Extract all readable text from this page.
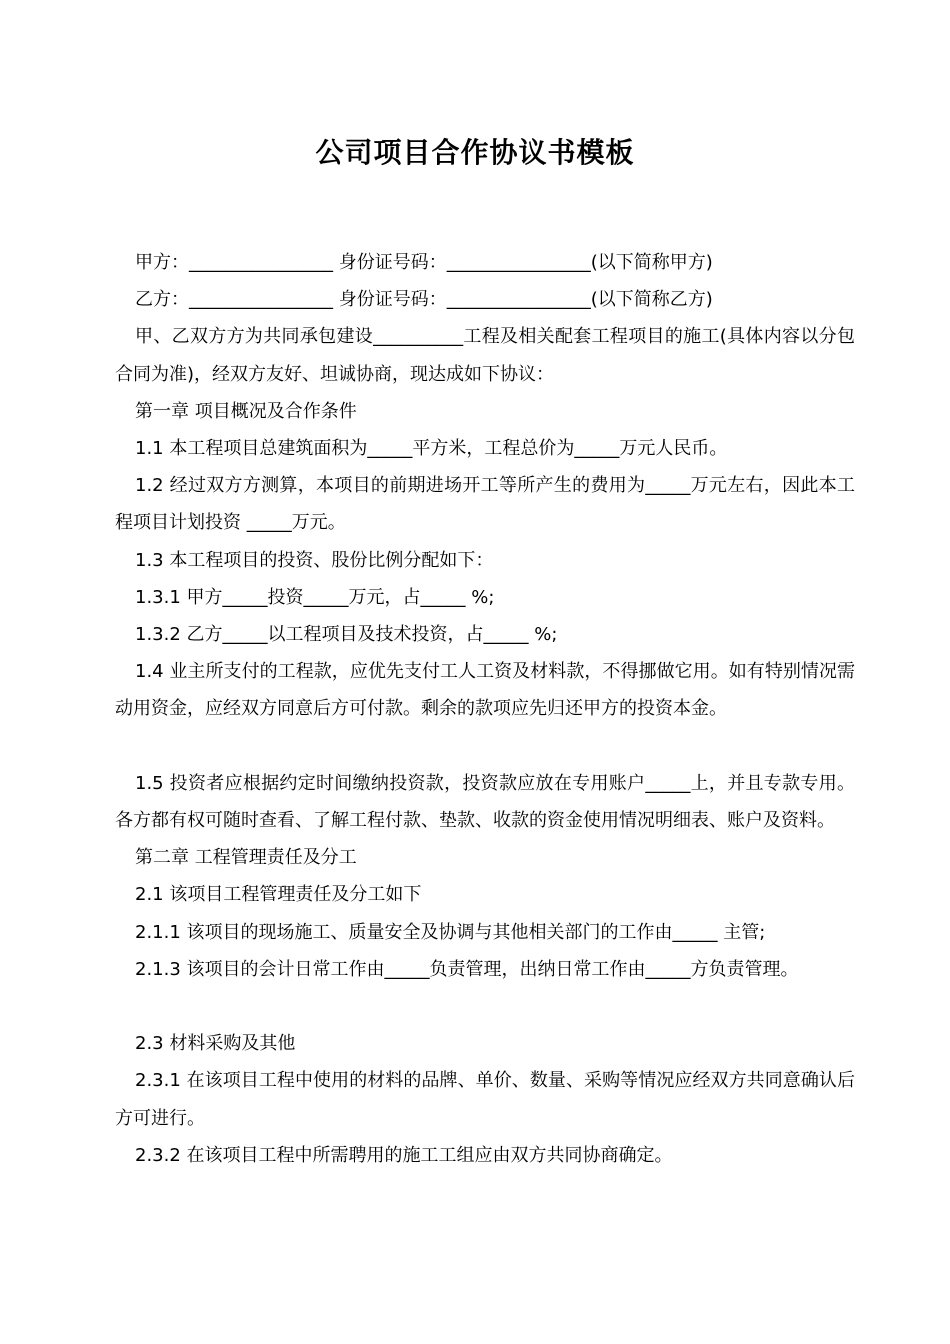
公司项目合作协议书模板

甲方：________________ 身份证号码：________________(以下简称甲方)

乙方：________________ 身份证号码：________________(以下简称乙方)

甲、乙双方方为共同承包建设__________工程及相关配套工程项目的施工(具体内容以分包合同为准)，经双方友好、坦诚协商，现达成如下协议：

第一章 项目概况及合作条件

1.1 本工程项目总建筑面积为_____平方米，工程总价为_____万元人民币。

1.2 经过双方方测算，本项目的前期进场开工等所产生的费用为_____万元左右，因此本工程项目计划投资 _____万元。

1.3 本工程项目的投资、股份比例分配如下：

1.3.1 甲方_____投资_____万元，占_____ %;

1.3.2 乙方_____以工程项目及技术投资，占_____ %;

1.4 业主所支付的工程款，应优先支付工人工资及材料款，不得挪做它用。如有特别情况需动用资金，应经双方同意后方可付款。剩余的款项应先归还甲方的投资本金。

1.5 投资者应根据约定时间缴纳投资款，投资款应放在专用账户_____上，并且专款专用。各方都有权可随时查看、了解工程付款、垫款、收款的资金使用情况明细表、账户及资料。

第二章 工程管理责任及分工

2.1 该项目工程管理责任及分工如下

2.1.1 该项目的现场施工、质量安全及协调与其他相关部门的工作由_____ 主管;

2.1.3 该项目的会计日常工作由_____负责管理，出纳日常工作由_____方负责管理。

2.3 材料采购及其他

2.3.1 在该项目工程中使用的材料的品牌、单价、数量、采购等情况应经双方共同意确认后方可进行。

2.3.2 在该项目工程中所需聘用的施工工组应由双方共同协商确定。
